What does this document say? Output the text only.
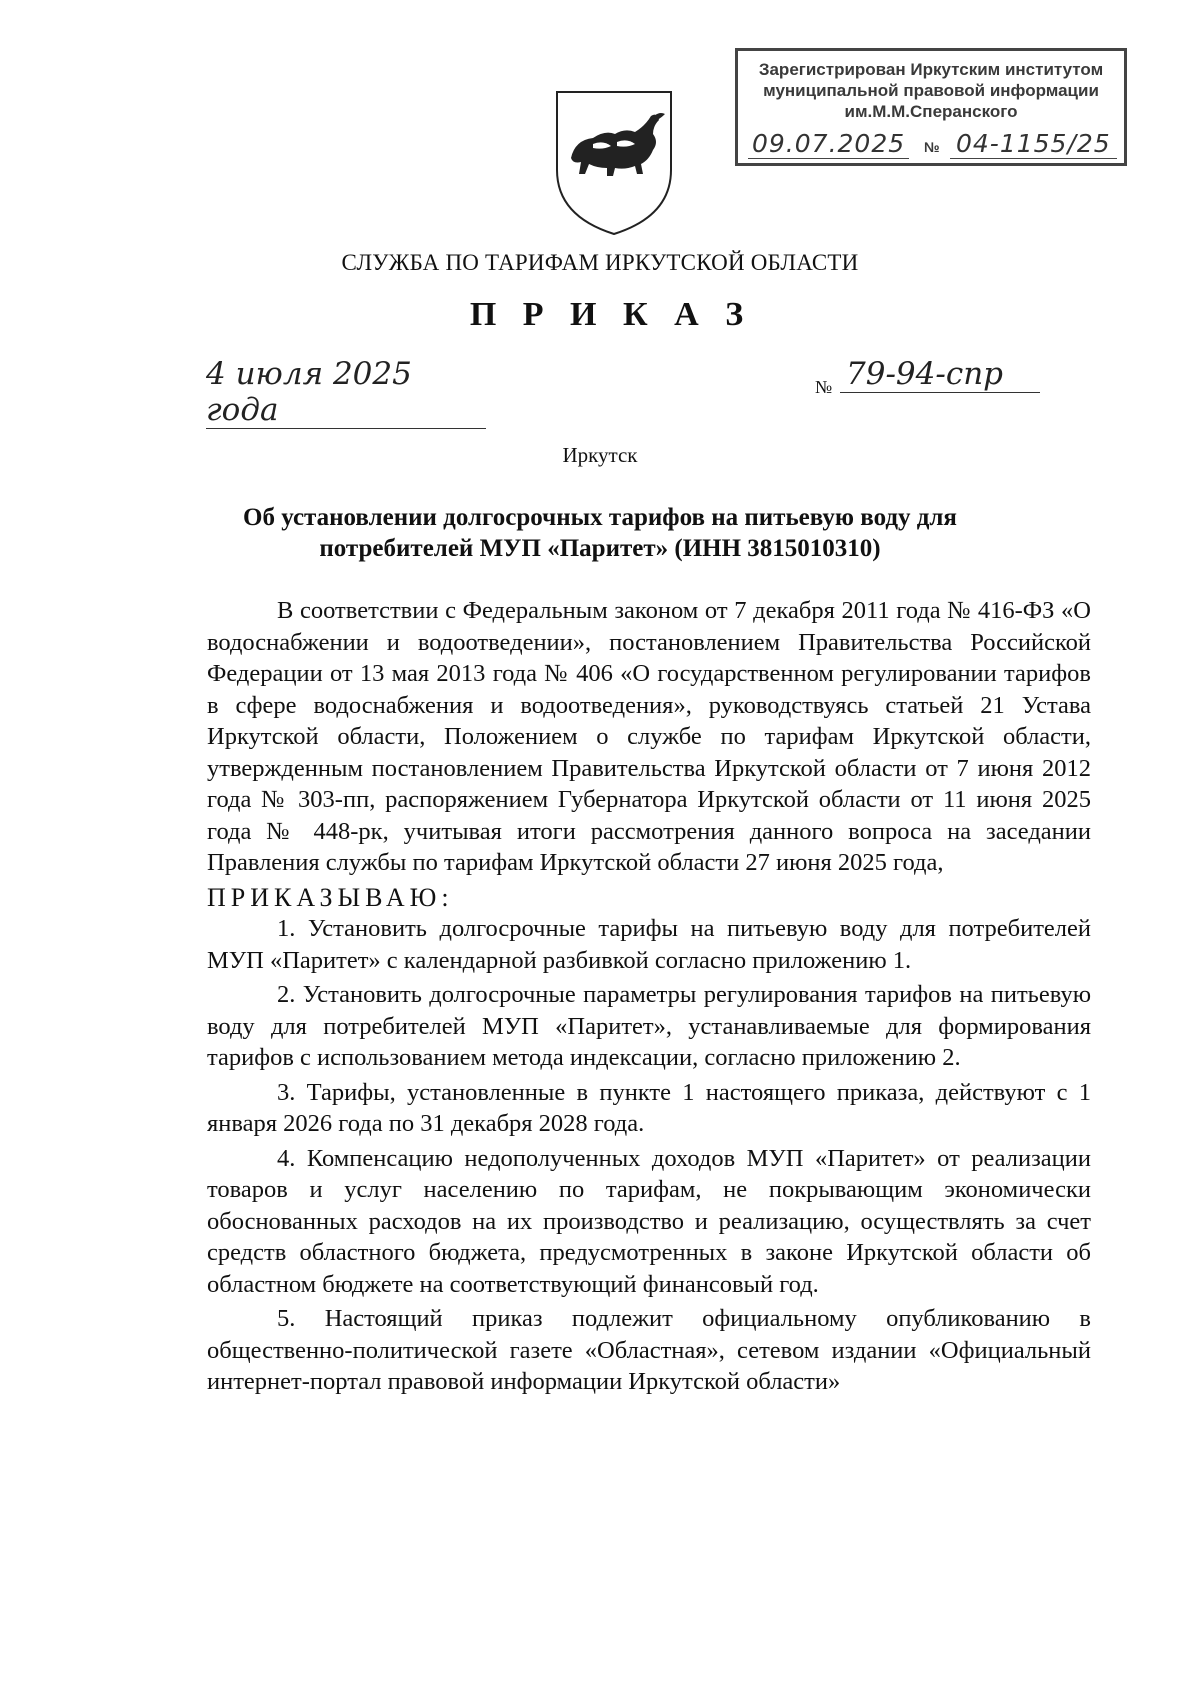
Зарегистрирован Иркутским институтом
муниципальной правовой информации
им.М.М.Сперанского
09.07.2025 № 04-1155/25
СЛУЖБА ПО ТАРИФАМ ИРКУТСКОЙ ОБЛАСТИ
П Р И К А З
4 июля 2025 года
№ 79-94-спр
Иркутск
Об установлении долгосрочных тарифов на питьевую воду для
потребителей МУП «Паритет» (ИНН 3815010310)

В соответствии с Федеральным законом от 7 декабря 2011 года № 416-ФЗ «О водоснабжении и водоотведении», постановлением Правительства Российской Федерации от 13 мая 2013 года № 406 «О государственном регулировании тарифов в сфере водоснабжения и водоотведения», руководствуясь статьей 21 Устава Иркутской области, Положением о службе по тарифам Иркутской области, утвержденным постановлением Правительства Иркутской области от 7 июня 2012 года № 303-пп, распоряжением Губернатора Иркутской области от 11 июня 2025 года № 448-рк, учитывая итоги рассмотрения данного вопроса на заседании Правления службы по тарифам Иркутской области 27 июня 2025 года,

ПРИКАЗЫВАЮ:

1. Установить долгосрочные тарифы на питьевую воду для потребителей МУП «Паритет» с календарной разбивкой согласно приложению 1.

2. Установить долгосрочные параметры регулирования тарифов на питьевую воду для потребителей МУП «Паритет», устанавливаемые для формирования тарифов с использованием метода индексации, согласно приложению 2.

3. Тарифы, установленные в пункте 1 настоящего приказа, действуют с 1 января 2026 года по 31 декабря 2028 года.

4. Компенсацию недополученных доходов МУП «Паритет» от реализации товаров и услуг населению по тарифам, не покрывающим экономически обоснованных расходов на их производство и реализацию, осуществлять за счет средств областного бюджета, предусмотренных в законе Иркутской области об областном бюджете на соответствующий финансовый год.

5. Настоящий приказ подлежит официальному опубликованию в общественно-политической газете «Областная», сетевом издании «Официальный интернет-портал правовой информации Иркутской области»
